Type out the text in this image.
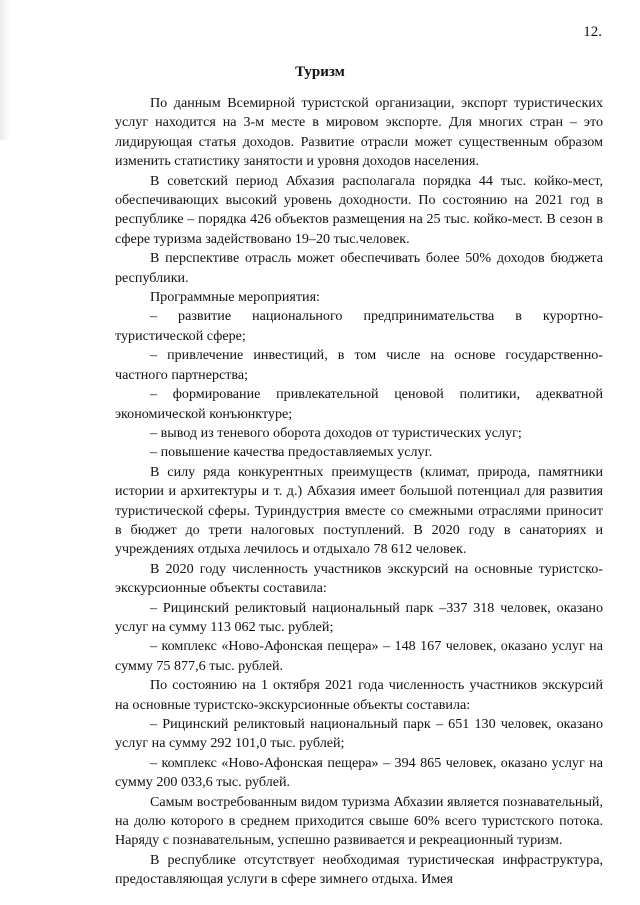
12.
Туризм

По данным Всемирной туристской организации, экспорт туристических услуг находится на 3-м месте в мировом экспорте. Для многих стран – это лидирующая статья доходов. Развитие отрасли может существенным образом изменить статистику занятости и уровня доходов населения.

В советский период Абхазия располагала порядка 44 тыс. койко-мест, обеспечивающих высокий уровень доходности. По состоянию на 2021 год в республике – порядка 426 объектов размещения на 25 тыс. койко-мест. В сезон в сфере туризма задействовано 19–20 тыс.человек.

В перспективе отрасль может обеспечивать более 50% доходов бюджета республики.

Программные мероприятия:

– развитие национального предпринимательства в курортно-туристической сфере;

– привлечение инвестиций, в том числе на основе государственно-частного партнерства;

– формирование привлекательной ценовой политики, адекватной экономической конъюнктуре;

– вывод из теневого оборота доходов от туристических услуг;

– повышение качества предоставляемых услуг.

В силу ряда конкурентных преимуществ (климат, природа, памятники истории и архитектуры и т. д.) Абхазия имеет большой потенциал для развития туристической сферы. Туриндустрия вместе со смежными отраслями приносит в бюджет до трети налоговых поступлений. В 2020 году в санаториях и учреждениях отдыха лечилось и отдыхало 78 612 человек.

В 2020 году численность участников экскурсий на основные туристско-экскурсионные объекты составила:

– Рицинский реликтовый национальный парк –337 318 человек, оказано услуг на сумму 113 062 тыс. рублей;

– комплекс «Ново-Афонская пещера» – 148 167 человек, оказано услуг на сумму 75 877,6 тыс. рублей.

По состоянию на 1 октября 2021 года численность участников экскурсий на основные туристско-экскурсионные объекты составила:

– Рицинский реликтовый национальный парк – 651 130 человек, оказано услуг на сумму 292 101,0 тыс. рублей;

– комплекс «Ново-Афонская пещера» – 394 865 человек, оказано услуг на сумму 200 033,6 тыс. рублей.

Самым востребованным видом туризма Абхазии является познавательный, на долю которого в среднем приходится свыше 60% всего туристского потока. Наряду с познавательным, успешно развивается и рекреационный туризм.

В республике отсутствует необходимая туристическая инфраструктура, предоставляющая услуги в сфере зимнего отдыха. Имея
